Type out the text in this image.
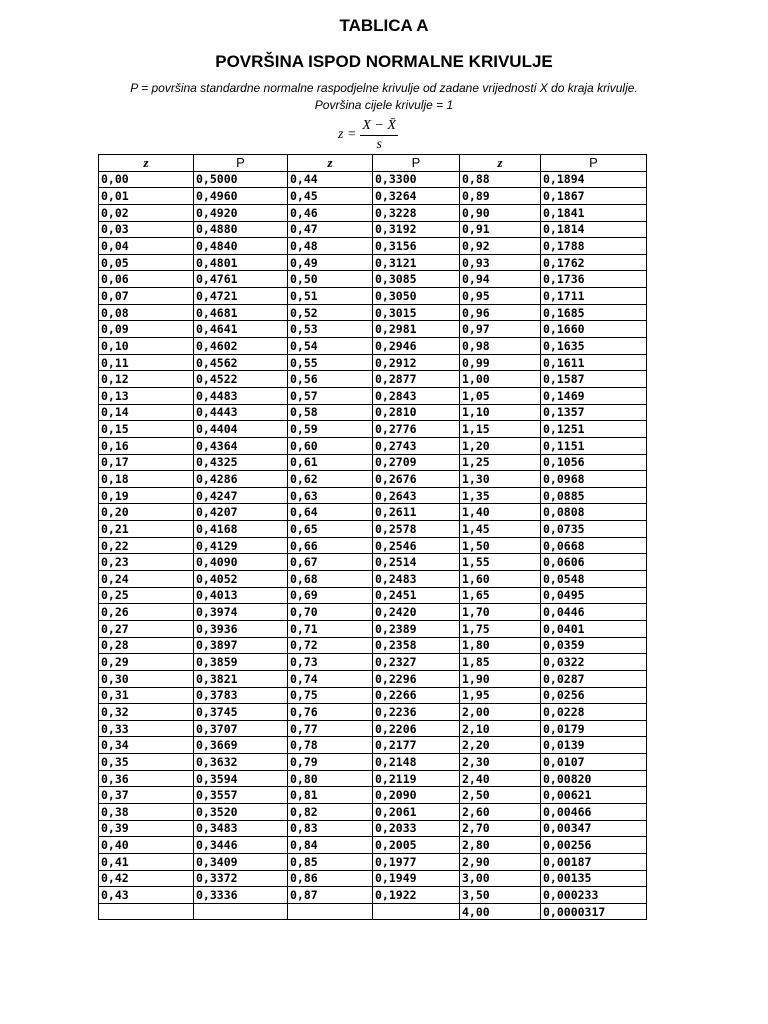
TABLICA A
POVRŠINA ISPOD NORMALNE KRIVULJE
P = površina standardne normalne raspodjelne krivulje od zadane vrijednosti X do kraja krivulje.
Površina cijele krivulje = 1
$z = \frac{X - X̄}{s}$
z	P	z	P	z	P
0,00	0,5000	0,44	0,3300	0,88	0,1894
0,01	0,4960	0,45	0,3264	0,89	0,1867
0,02	0,4920	0,46	0,3228	0,90	0,1841
0,03	0,4880	0,47	0,3192	0,91	0,1814
0,04	0,4840	0,48	0,3156	0,92	0,1788
0,05	0,4801	0,49	0,3121	0,93	0,1762
0,06	0,4761	0,50	0,3085	0,94	0,1736
0,07	0,4721	0,51	0,3050	0,95	0,1711
0,08	0,4681	0,52	0,3015	0,96	0,1685
0,09	0,4641	0,53	0,2981	0,97	0,1660
0,10	0,4602	0,54	0,2946	0,98	0,1635
0,11	0,4562	0,55	0,2912	0,99	0,1611
0,12	0,4522	0,56	0,2877	1,00	0,1587
0,13	0,4483	0,57	0,2843	1,05	0,1469
0,14	0,4443	0,58	0,2810	1,10	0,1357
0,15	0,4404	0,59	0,2776	1,15	0,1251
0,16	0,4364	0,60	0,2743	1,20	0,1151
0,17	0,4325	0,61	0,2709	1,25	0,1056
0,18	0,4286	0,62	0,2676	1,30	0,0968
0,19	0,4247	0,63	0,2643	1,35	0,0885
0,20	0,4207	0,64	0,2611	1,40	0,0808
0,21	0,4168	0,65	0,2578	1,45	0,0735
0,22	0,4129	0,66	0,2546	1,50	0,0668
0,23	0,4090	0,67	0,2514	1,55	0,0606
0,24	0,4052	0,68	0,2483	1,60	0,0548
0,25	0,4013	0,69	0,2451	1,65	0,0495
0,26	0,3974	0,70	0,2420	1,70	0,0446
0,27	0,3936	0,71	0,2389	1,75	0,0401
0,28	0,3897	0,72	0,2358	1,80	0,0359
0,29	0,3859	0,73	0,2327	1,85	0,0322
0,30	0,3821	0,74	0,2296	1,90	0,0287
0,31	0,3783	0,75	0,2266	1,95	0,0256
0,32	0,3745	0,76	0,2236	2,00	0,0228
0,33	0,3707	0,77	0,2206	2,10	0,0179
0,34	0,3669	0,78	0,2177	2,20	0,0139
0,35	0,3632	0,79	0,2148	2,30	0,0107
0,36	0,3594	0,80	0,2119	2,40	0,00820
0,37	0,3557	0,81	0,2090	2,50	0,00621
0,38	0,3520	0,82	0,2061	2,60	0,00466
0,39	0,3483	0,83	0,2033	2,70	0,00347
0,40	0,3446	0,84	0,2005	2,80	0,00256
0,41	0,3409	0,85	0,1977	2,90	0,00187
0,42	0,3372	0,86	0,1949	3,00	0,00135
0,43	0,3336	0,87	0,1922	3,50	0,000233
				4,00	0,0000317
